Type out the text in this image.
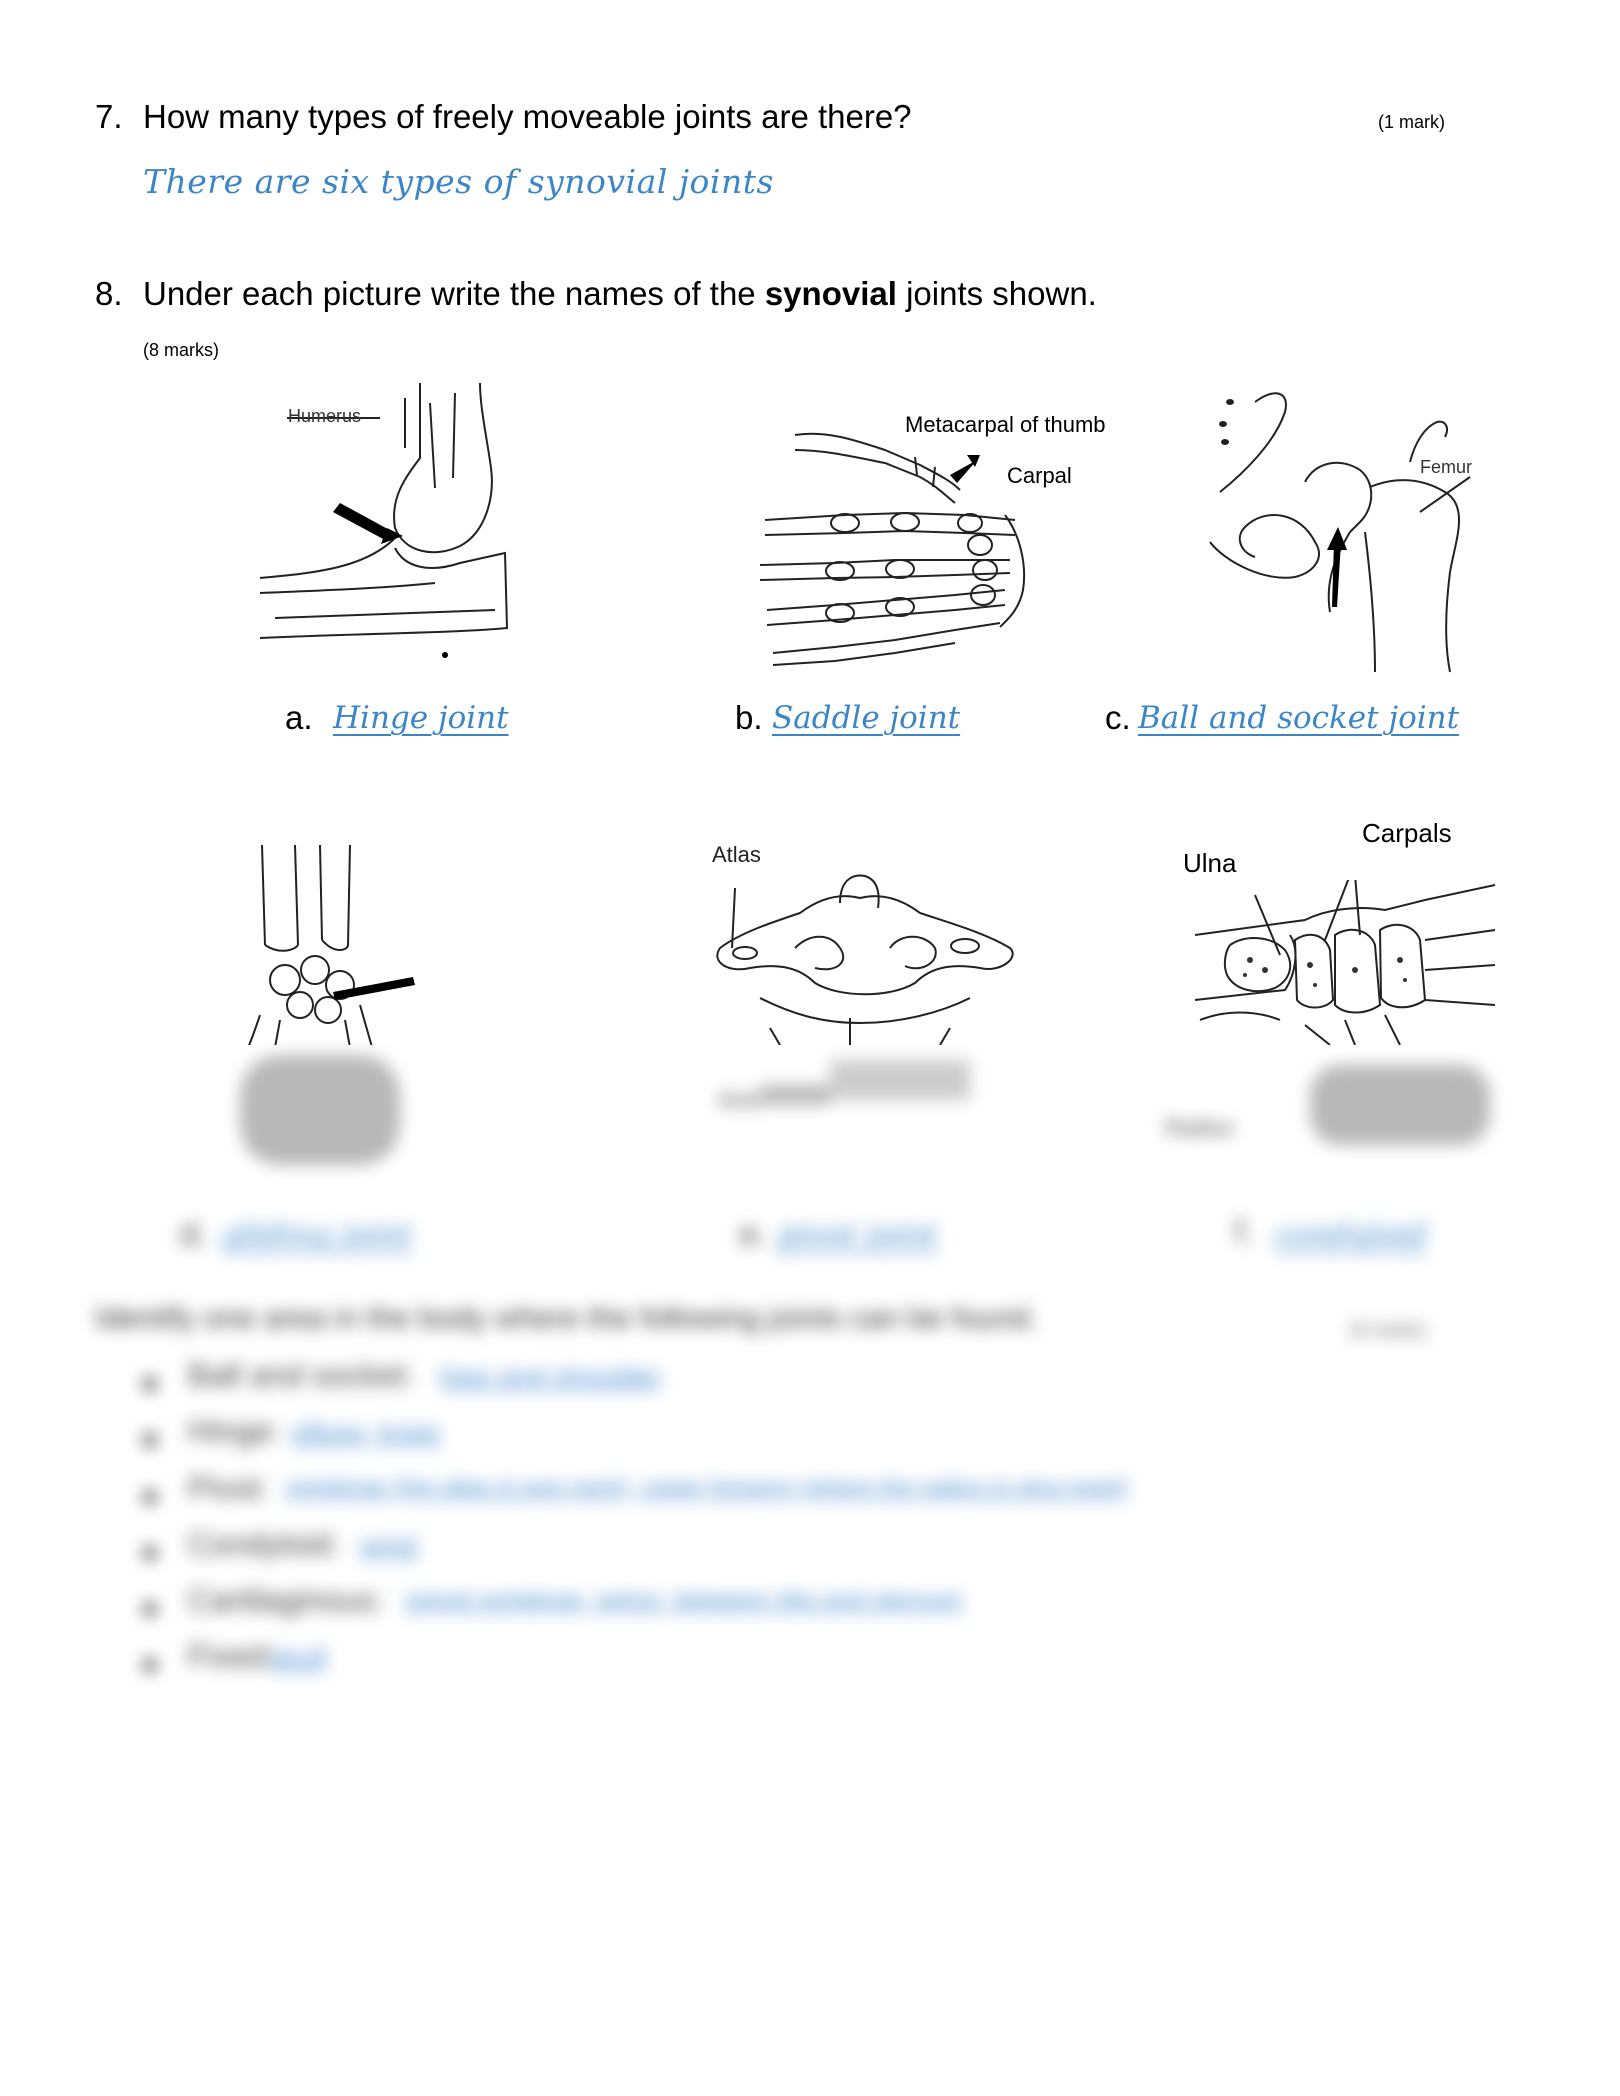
7. How many types of freely moveable joints are there?	(1 mark)
There are six types of synovial joints
8. Under each picture write the names of the synovial joints shown.
(8 marks)
Humerus	Metacarpal of thumb
Carpal	Femur
a. Hinge joint	b. Saddle joint	c. Ball and socket joint
Atlas	Ulna
Carpals
Radius
Axis
d. gliding joint	e. pivot joint	f. condyloid
Identify one area in the body where the following joints can be found.	(6 marks)
Ball and socket: hips and shoulder
Hinge: elbow, knee
Pivot: vertebrae (the atlas & axis neck), upper forearm (where the radius & ulna meet)
Condyloid: wrist
Cartilaginous: spinal vertebrae, pelvis, between ribs and sternum
Fixed:
skull
